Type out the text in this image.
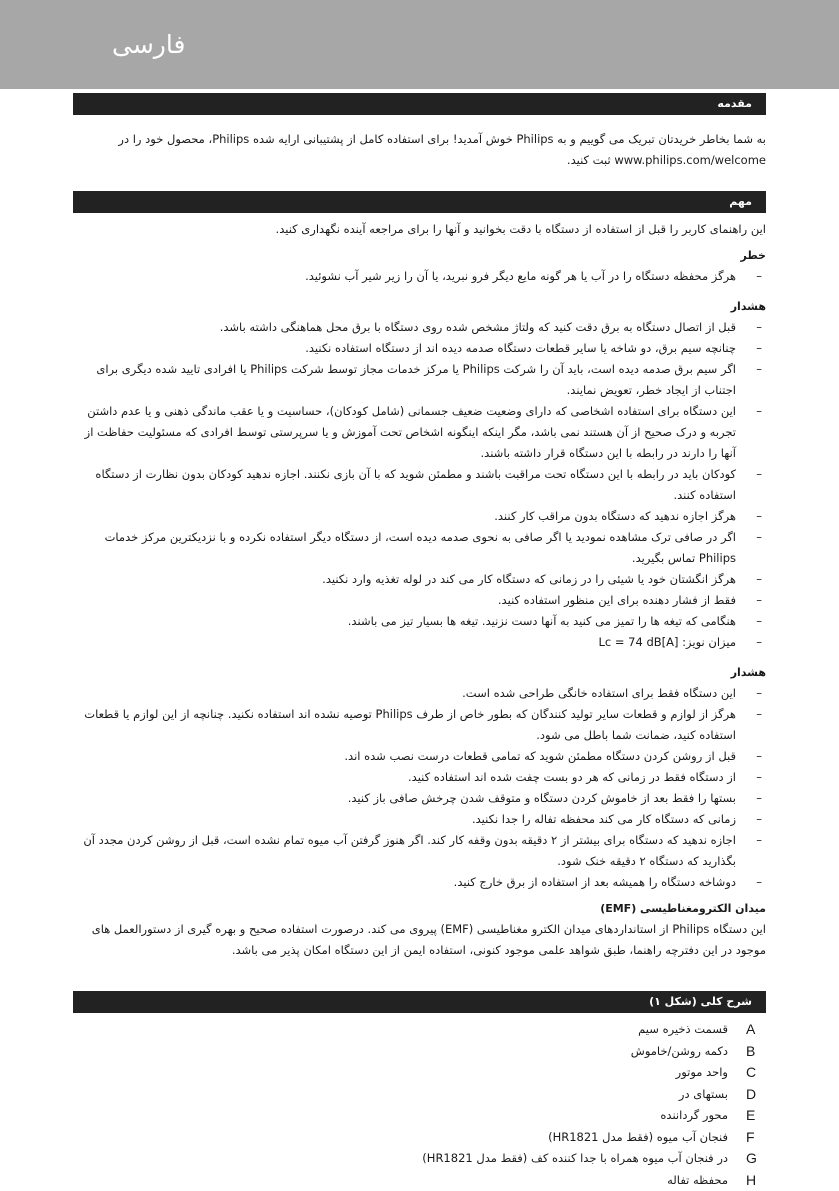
فارسی
مقدمه
به شما بخاطر خریدتان تبریک می گوییم و به Philips خوش آمدید! برای استفاده کامل از پشتیبانی ارایه شده Philips، محصول خود را در www.philips.com/welcome ثبت کنید.
مهم
این راهنمای کاربر را قبل از استفاده از دستگاه با دقت بخوانید و آنها را برای مراجعه آینده نگهداری کنید.
خطر
– هرگز محفظه دستگاه را در آب یا هر گونه مایع دیگر فرو نبرید، یا آن را زیر شیر آب نشوئید.
هشدار
– قبل از اتصال دستگاه به برق دقت کنید که ولتاژ مشخص شده روی دستگاه با برق محل هماهنگی داشته باشد.
– چنانچه سیم برق، دو شاخه یا سایر قطعات دستگاه صدمه دیده اند از دستگاه استفاده نکنید.
– اگر سیم برق صدمه دیده است، باید آن را شرکت Philips یا مرکز خدمات مجاز توسط شرکت Philips یا افرادی تایید شده دیگری برای اجتناب از ایجاد خطر، تعویض نمایند.
– این دستگاه برای استفاده اشخاصی که دارای وضعیت ضعیف جسمانی (شامل کودکان)، حساسیت و یا عقب ماندگی ذهنی و یا عدم داشتن تجربه و درک صحیح از آن هستند نمی باشد، مگر اینکه اینگونه اشخاص تحت آموزش و یا سرپرستی توسط افرادی که مسئولیت حفاظت از آنها را دارند در رابطه با این دستگاه قرار داشته باشند.
– کودکان باید در رابطه با این دستگاه تحت مراقبت باشند و مطمئن شوید که با آن بازی نکنند. اجازه ندهید کودکان بدون نظارت از دستگاه استفاده کنند.
– هرگز اجازه ندهید که دستگاه بدون مراقب کار کنند.
– اگر در صافی ترک مشاهده نمودید یا اگر صافی به نحوی صدمه دیده است، از دستگاه دیگر استفاده نکرده و با نزدیکترین مرکز خدمات Philips تماس بگیرید.
– هرگز انگشتان خود یا شیئی را در زمانی که دستگاه کار می کند در لوله تغذیه وارد نکنید.
– فقط از فشار دهنده برای این منظور استفاده کنید.
– هنگامی که تیغه ها را تمیز می کنید به آنها دست نزنید. تیغه ها بسیار تیز می باشند.
– میزان نویز: Lc = 74 dB[A]
هشدار
– این دستگاه فقط برای استفاده خانگی طراحی شده است.
– هرگز از لوازم و قطعات سایر تولید کنندگان که بطور خاص از طرف Philips توصیه نشده اند استفاده نکنید. چنانچه از این لوازم یا قطعات استفاده کنید، ضمانت شما باطل می شود.
– قبل از روشن کردن دستگاه مطمئن شوید که تمامی قطعات درست نصب شده اند.
– از دستگاه فقط در زمانی که هر دو بست چفت شده اند استفاده کنید.
– بستها را فقط بعد از خاموش کردن دستگاه و متوقف شدن چرخش صافی باز کنید.
– زمانی که دستگاه کار می کند محفظه تفاله را جدا نکنید.
– اجازه ندهید که دستگاه برای بیشتر از ۲ دقیقه بدون وقفه کار کند. اگر هنوز گرفتن آب میوه تمام نشده است، قبل از روشن کردن مجدد آن بگذارید که دستگاه ۲ دقیقه خنک شود.
– دوشاخه دستگاه را همیشه بعد از استفاده از برق خارج کنید.
میدان الکترومغناطیسی (EMF)
این دستگاه Philips از استانداردهای میدان الکترو مغناطیسی (EMF) پیروی می کند. درصورت استفاده صحیح و بهره گیری از دستورالعمل های موجود در این دفترچه راهنما، طبق شواهد علمی موجود کنونی، استفاده ایمن از این دستگاه امکان پذیر می باشد.
شرح کلی (شکل ۱)
A
قسمت ذخیره سیم
B
دکمه روشن/خاموش
C
واحد موتور
D
بستهای در
E
محور گرداننده
F
فنجان آب میوه (فقط مدل HR1821)
G
در فنجان آب میوه همراه با جدا کننده کف (فقط مدل HR1821)
H
محفظه تفاله
